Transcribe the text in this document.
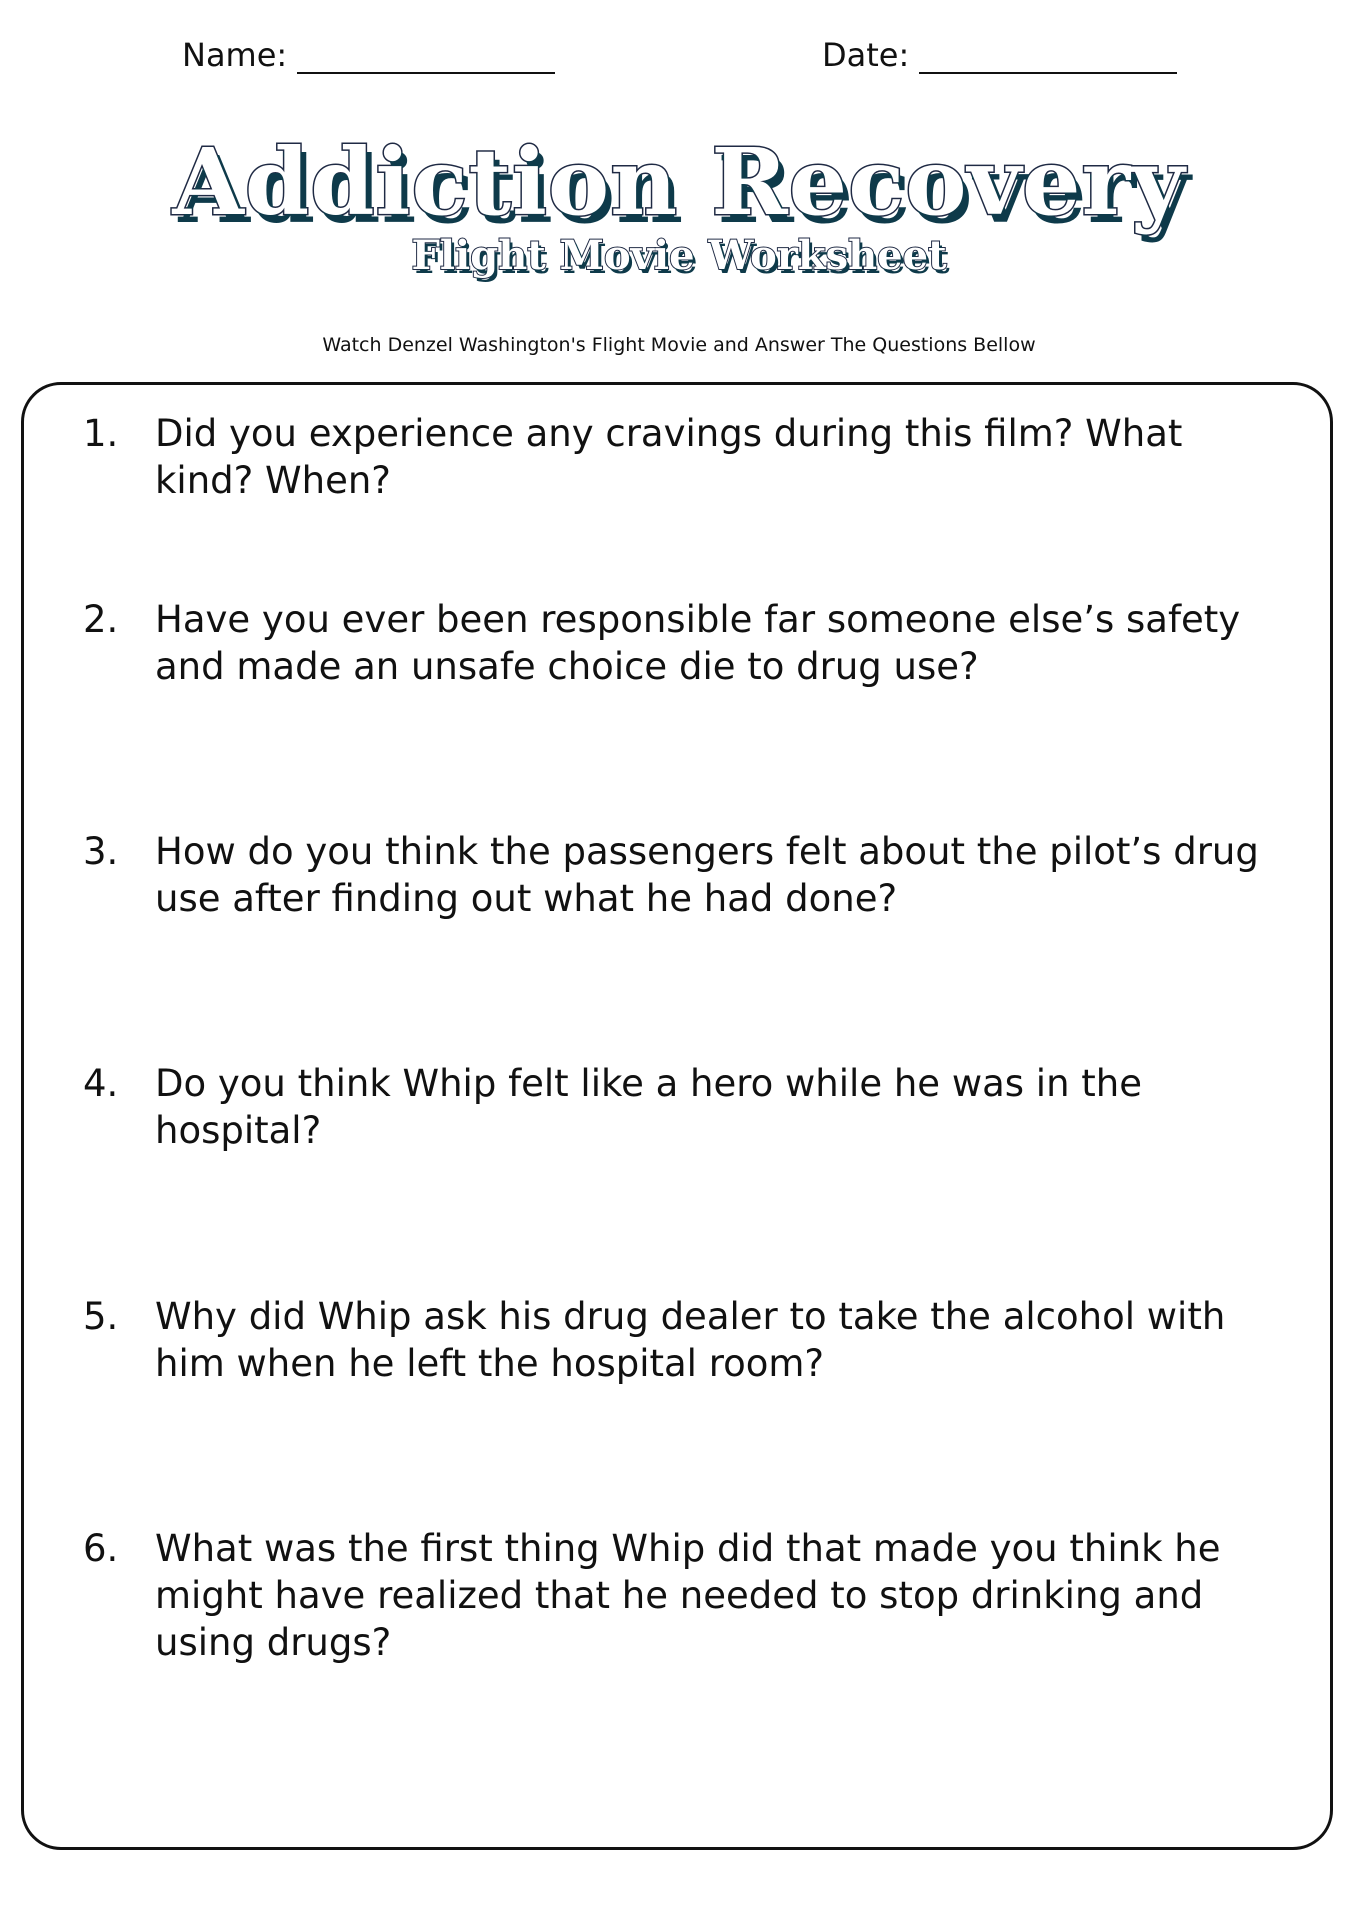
Name:	Date:
Addiction Recovery
Flight Movie Worksheet
Watch Denzel Washington's Flight Movie and Answer The Questions Bellow
1. Did you experience any cravings during this film? What kind? When?
2. Have you ever been responsible far someone else’s safety and made an unsafe choice die to drug use?
3. How do you think the passengers felt about the pilot’s drug use after finding out what he had done?
4. Do you think Whip felt like a hero while he was in the hospital?
5. Why did Whip ask his drug dealer to take the alcohol with him when he left the hospital room?
6. What was the first thing Whip did that made you think he might have realized that he needed to stop drinking and using drugs?
